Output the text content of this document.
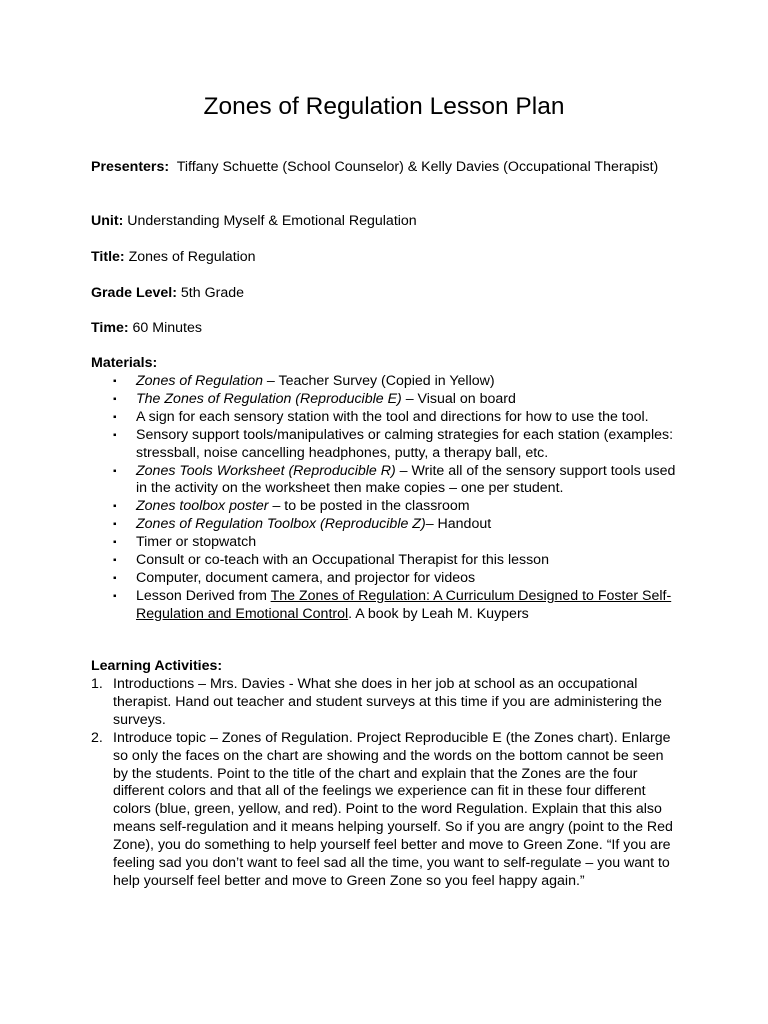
Zones of Regulation Lesson Plan

Presenters: Tiffany Schuette (School Counselor) & Kelly Davies (Occupational Therapist)

Unit: Understanding Myself & Emotional Regulation

Title: Zones of Regulation

Grade Level: 5th Grade

Time: 60 Minutes

Materials:

▪ Zones of Regulation – Teacher Survey (Copied in Yellow)
▪ The Zones of Regulation (Reproducible E) – Visual on board
▪ A sign for each sensory station with the tool and directions for how to use the tool.
▪ Sensory support tools/manipulatives or calming strategies for each station (examples: stressball, noise cancelling headphones, putty, a therapy ball, etc.
▪ Zones Tools Worksheet (Reproducible R) – Write all of the sensory support tools used in the activity on the worksheet then make copies – one per student.
▪ Zones toolbox poster – to be posted in the classroom
▪ Zones of Regulation Toolbox (Reproducible Z)– Handout
▪ Timer or stopwatch
▪ Consult or co-teach with an Occupational Therapist for this lesson
▪ Computer, document camera, and projector for videos
▪ Lesson Derived from The Zones of Regulation: A Curriculum Designed to Foster Self-Regulation and Emotional Control. A book by Leah M. Kuypers

Learning Activities:

1. Introductions – Mrs. Davies - What she does in her job at school as an occupational therapist. Hand out teacher and student surveys at this time if you are administering the surveys.
2. Introduce topic – Zones of Regulation. Project Reproducible E (the Zones chart). Enlarge so only the faces on the chart are showing and the words on the bottom cannot be seen by the students. Point to the title of the chart and explain that the Zones are the four different colors and that all of the feelings we experience can fit in these four different colors (blue, green, yellow, and red). Point to the word Regulation. Explain that this also means self-regulation and it means helping yourself. So if you are angry (point to the Red Zone), you do something to help yourself feel better and move to Green Zone. “If you are feeling sad you don’t want to feel sad all the time, you want to self-regulate – you want to help yourself feel better and move to Green Zone so you feel happy again.”
